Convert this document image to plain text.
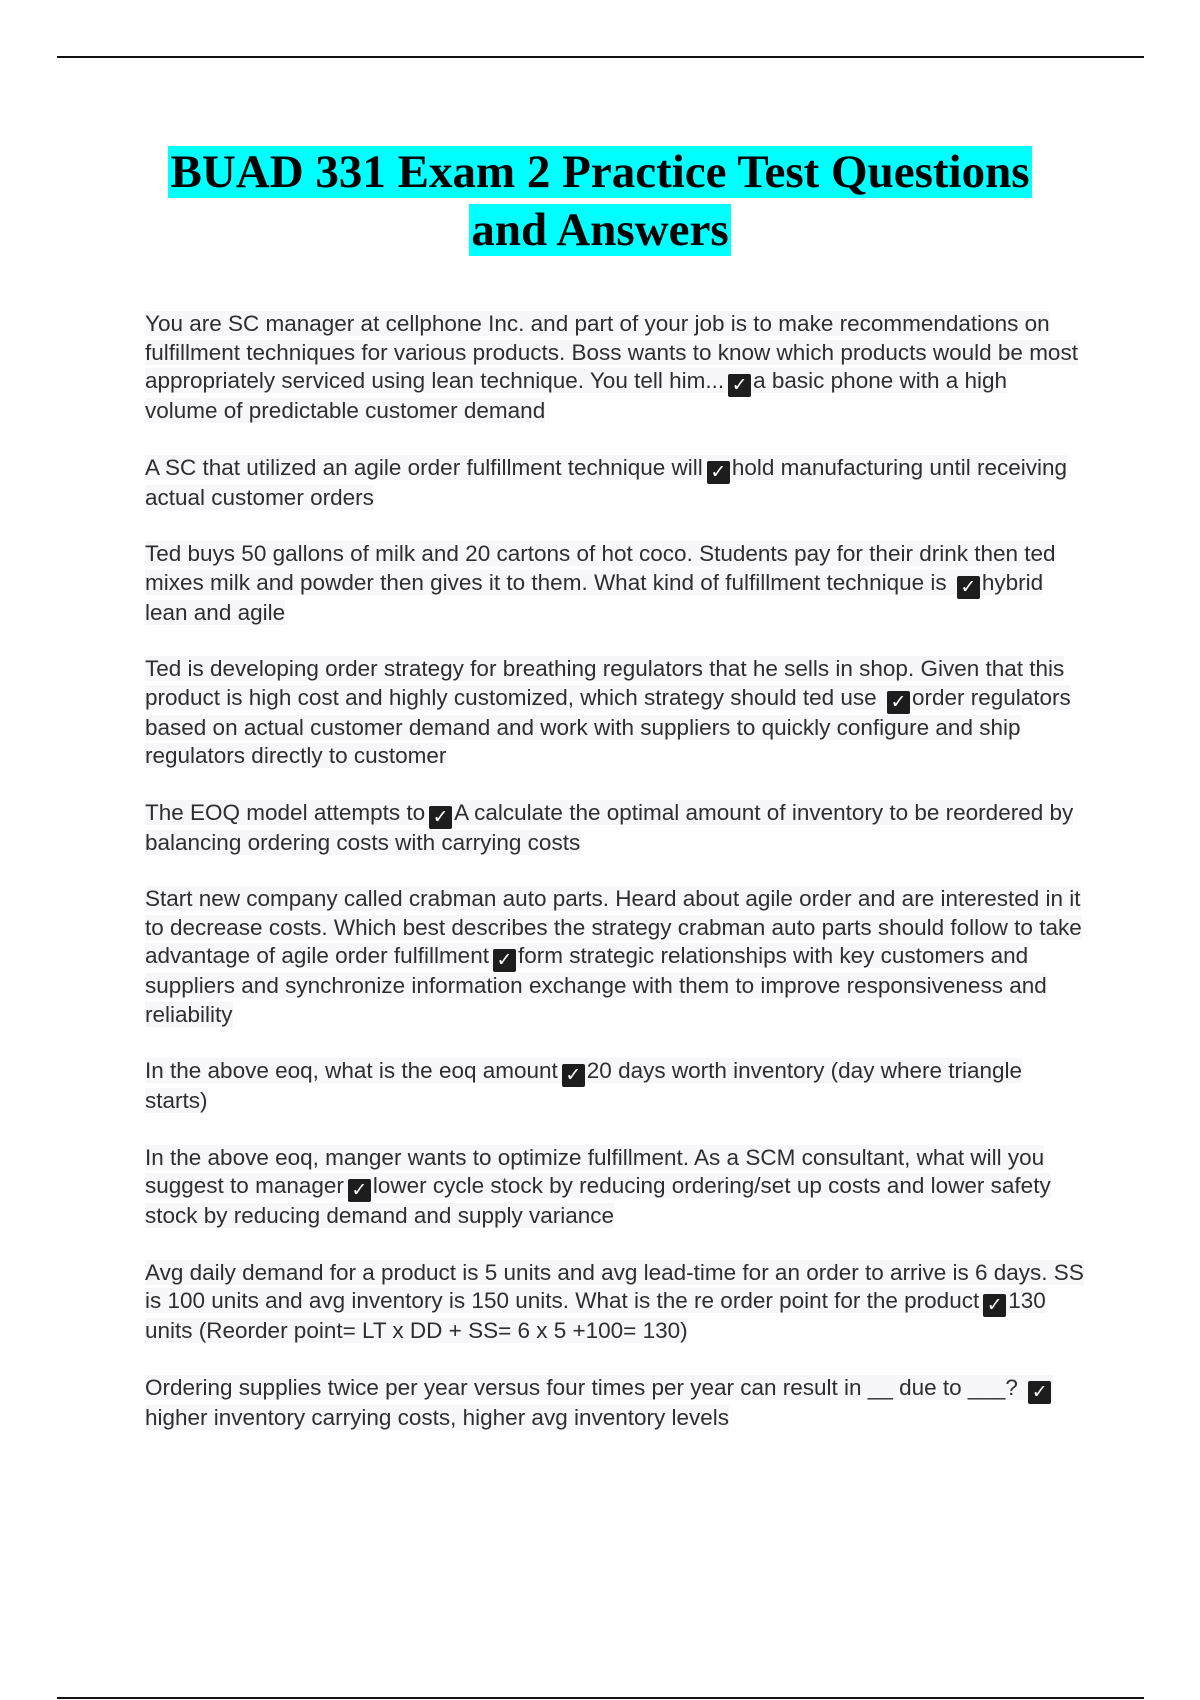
BUAD 331 Exam 2 Practice Test Questions
and Answers

You are SC manager at cellphone Inc. and part of your job is to make recommendations on fulfillment techniques for various products. Boss wants to know which products would be most appropriately serviced using lean technique. You tell him... ✓ a basic phone with a high volume of predictable customer demand

A SC that utilized an agile order fulfillment technique will ✓ hold manufacturing until receiving actual customer orders

Ted buys 50 gallons of milk and 20 cartons of hot coco. Students pay for their drink then ted mixes milk and powder then gives it to them. What kind of fulfillment technique is ✓ hybrid lean and agile

Ted is developing order strategy for breathing regulators that he sells in shop. Given that this product is high cost and highly customized, which strategy should ted use ✓ order regulators based on actual customer demand and work with suppliers to quickly configure and ship regulators directly to customer

The EOQ model attempts to ✓ A calculate the optimal amount of inventory to be reordered by balancing ordering costs with carrying costs

Start new company called crabman auto parts. Heard about agile order and are interested in it to decrease costs. Which best describes the strategy crabman auto parts should follow to take advantage of agile order fulfillment ✓ form strategic relationships with key customers and suppliers and synchronize information exchange with them to improve responsiveness and reliability

In the above eoq, what is the eoq amount ✓ 20 days worth inventory (day where triangle starts)

In the above eoq, manger wants to optimize fulfillment. As a SCM consultant, what will you suggest to manager ✓ lower cycle stock by reducing ordering/set up costs and lower safety stock by reducing demand and supply variance

Avg daily demand for a product is 5 units and avg lead-time for an order to arrive is 6 days. SS is 100 units and avg inventory is 150 units. What is the re order point for the product ✓ 130 units (Reorder point= LT x DD + SS= 6 x 5 +100= 130)

Ordering supplies twice per year versus four times per year can result in __ due to ___? ✓higher inventory carrying costs, higher avg inventory levels
